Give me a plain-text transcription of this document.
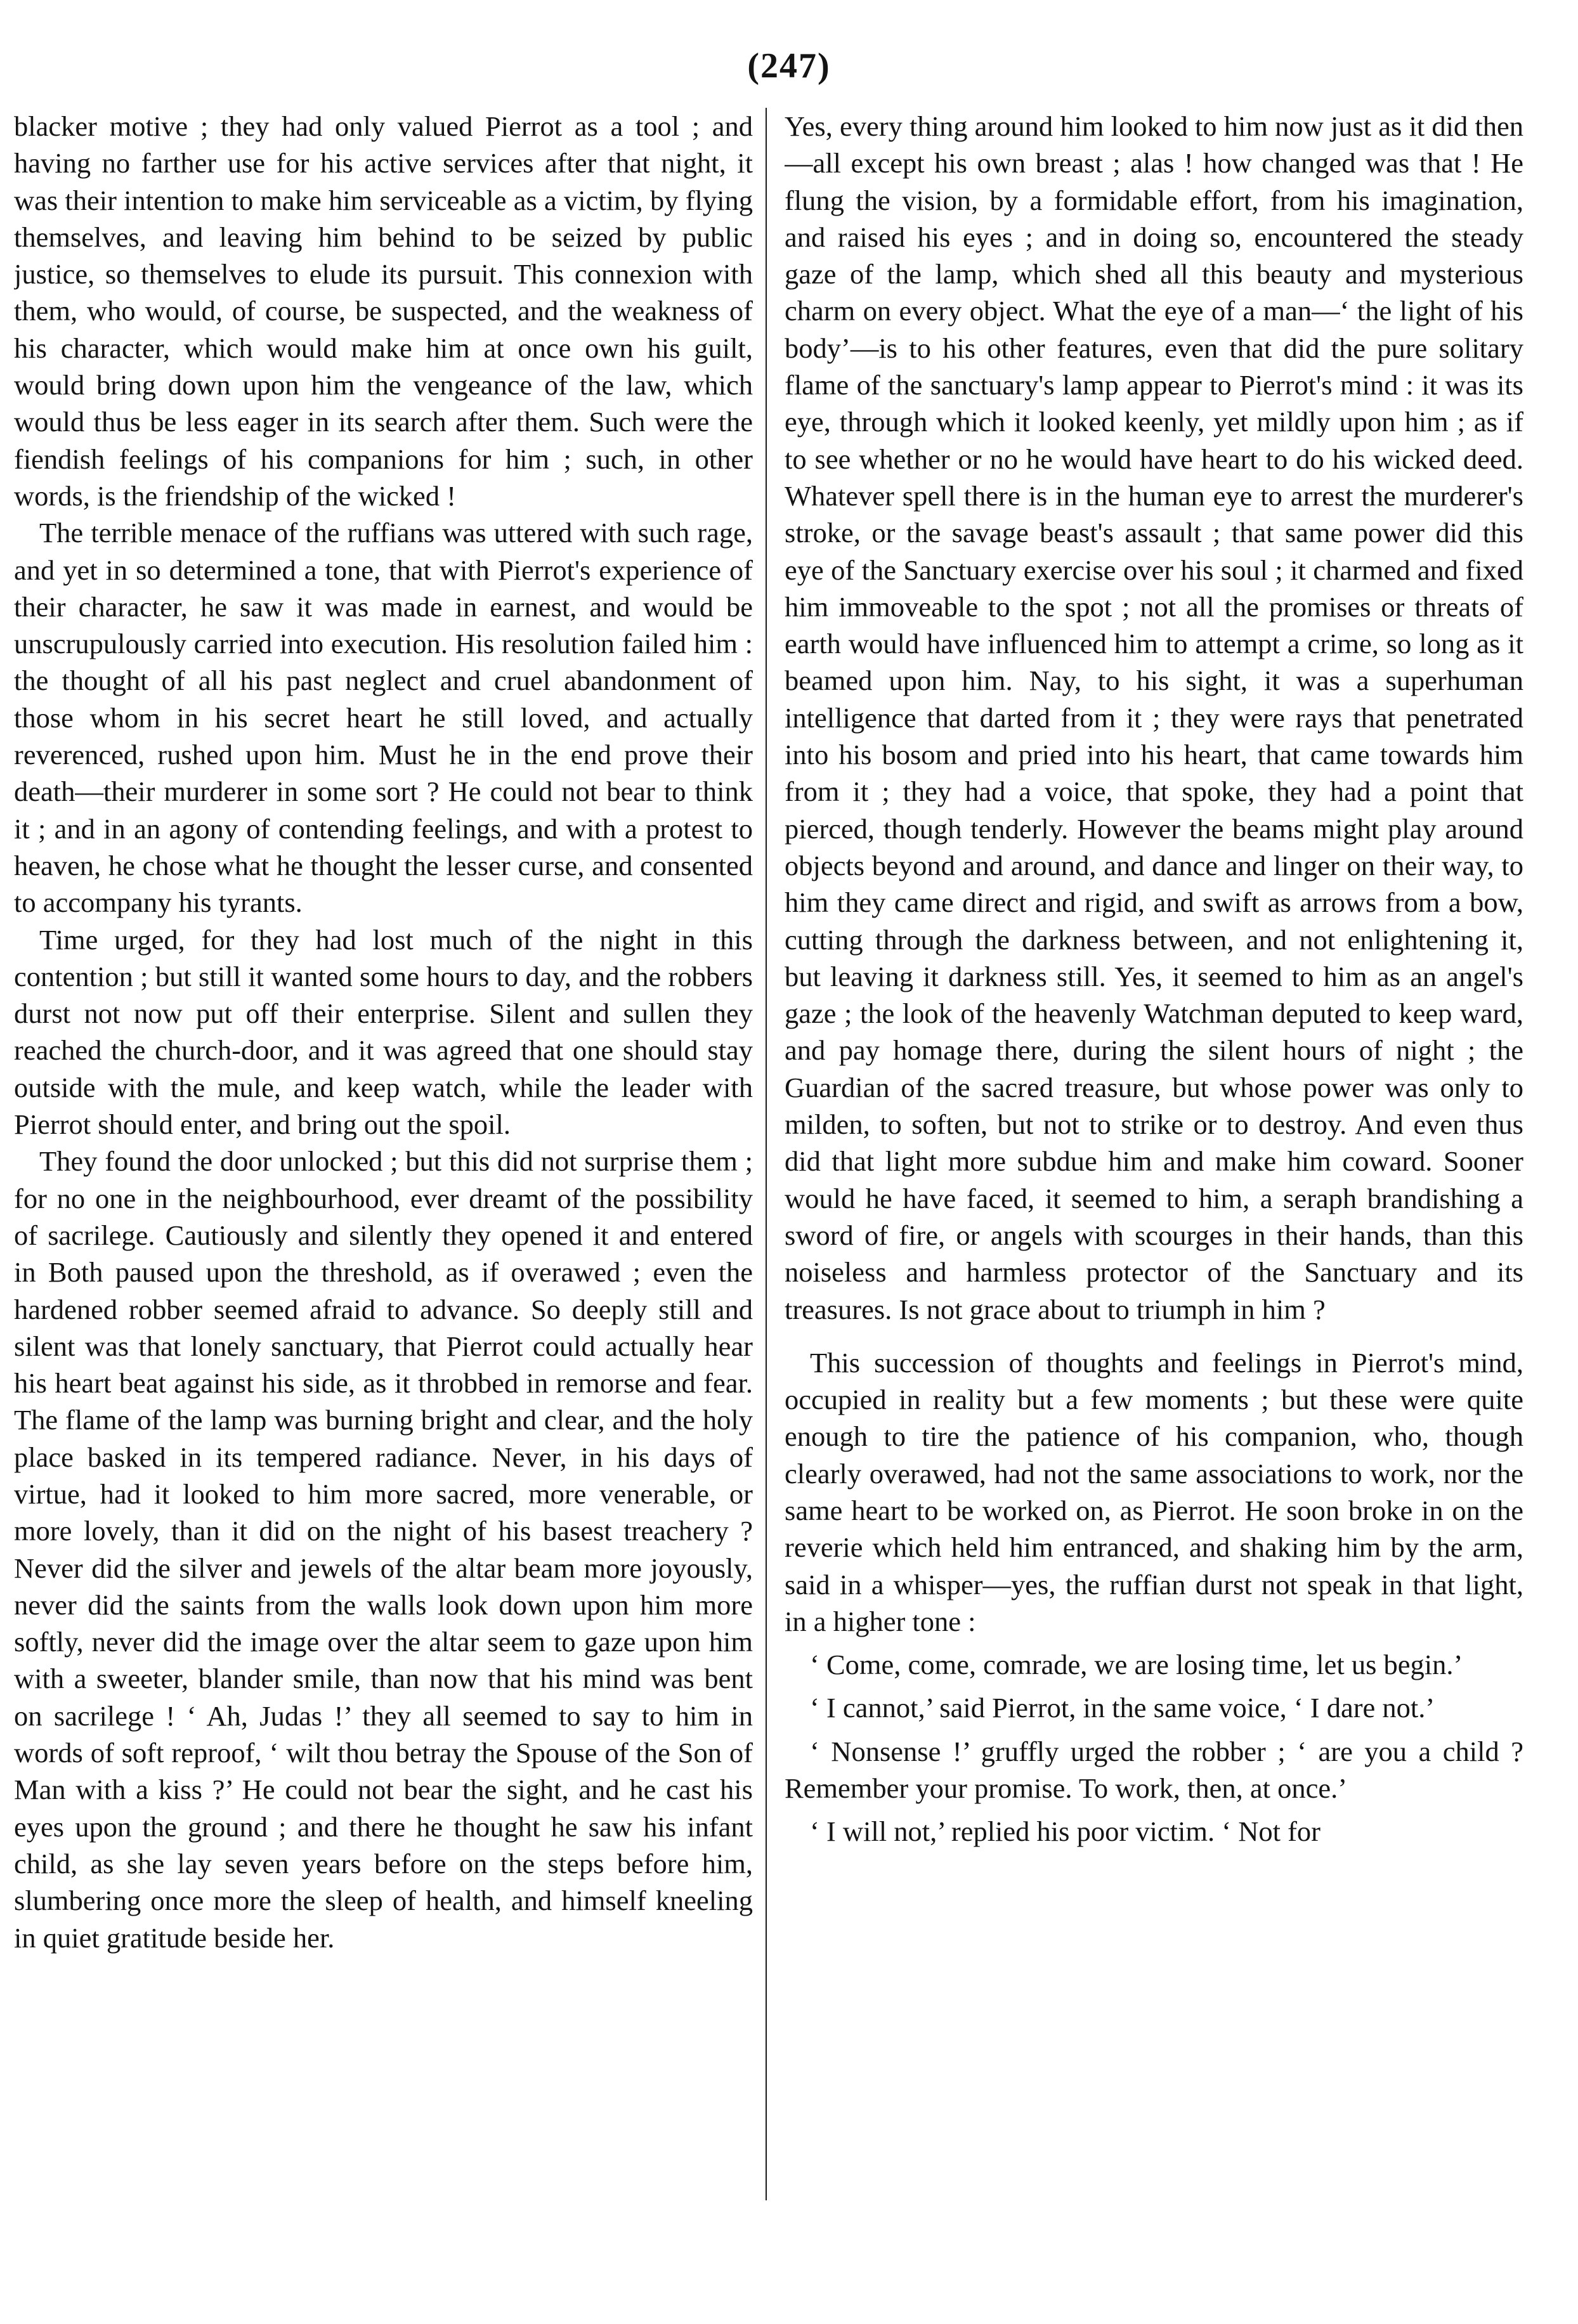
(247)

blacker motive ; they had only valued Pierrot as a tool ; and having no farther use for his active services after that night, it was their intention to make him serviceable as a victim, by flying themselves, and leaving him behind to be seized by public justice, so themselves to elude its pursuit. This connexion with them, who would, of course, be suspected, and the weakness of his character, which would make him at once own his guilt, would bring down upon him the vengeance of the law, which would thus be less eager in its search after them. Such were the fiendish feelings of his companions for him ; such, in other words, is the friendship of the wicked !

The terrible menace of the ruffians was uttered with such rage, and yet in so determined a tone, that with Pierrot's experience of their character, he saw it was made in earnest, and would be unscrupulously carried into execution. His resolution failed him : the thought of all his past neglect and cruel abandonment of those whom in his secret heart he still loved, and actually reverenced, rushed upon him. Must he in the end prove their death—their murderer in some sort ? He could not bear to think it ; and in an agony of contending feelings, and with a protest to heaven, he chose what he thought the lesser curse, and consented to accompany his tyrants.

Time urged, for they had lost much of the night in this contention ; but still it wanted some hours to day, and the robbers durst not now put off their enterprise. Silent and sullen they reached the church-door, and it was agreed that one should stay outside with the mule, and keep watch, while the leader with Pierrot should enter, and bring out the spoil.

They found the door unlocked ; but this did not surprise them ; for no one in the neighbourhood, ever dreamt of the possibility of sacrilege. Cautiously and silently they opened it and entered in Both paused upon the threshold, as if overawed ; even the hardened robber seemed afraid to advance. So deeply still and silent was that lonely sanctuary, that Pierrot could actually hear his heart beat against his side, as it throbbed in remorse and fear. The flame of the lamp was burning bright and clear, and the holy place basked in its tempered radiance. Never, in his days of virtue, had it looked to him more sacred, more venerable, or more lovely, than it did on the night of his basest treachery ? Never did the silver and jewels of the altar beam more joyously, never did the saints from the walls look down upon him more softly, never did the image over the altar seem to gaze upon him with a sweeter, blander smile, than now that his mind was bent on sacrilege ! ‘ Ah, Judas !’ they all seemed to say to him in words of soft reproof, ‘ wilt thou betray the Spouse of the Son of Man with a kiss ?’ He could not bear the sight, and he cast his eyes upon the ground ; and there he thought he saw his infant child, as she lay seven years before on the steps before him, slumbering once more the sleep of health, and himself kneeling in quiet gratitude beside her.

Yes, every thing around him looked to him now just as it did then—all except his own breast ; alas ! how changed was that ! He flung the vision, by a formidable effort, from his imagination, and raised his eyes ; and in doing so, encountered the steady gaze of the lamp, which shed all this beauty and mysterious charm on every object. What the eye of a man—‘ the light of his body’—is to his other features, even that did the pure solitary flame of the sanctuary's lamp appear to Pierrot's mind : it was its eye, through which it looked keenly, yet mildly upon him ; as if to see whether or no he would have heart to do his wicked deed. Whatever spell there is in the human eye to arrest the murderer's stroke, or the savage beast's assault ; that same power did this eye of the Sanctuary exercise over his soul ; it charmed and fixed him immoveable to the spot ; not all the promises or threats of earth would have influenced him to attempt a crime, so long as it beamed upon him. Nay, to his sight, it was a superhuman intelligence that darted from it ; they were rays that penetrated into his bosom and pried into his heart, that came towards him from it ; they had a voice, that spoke, they had a point that pierced, though tenderly. However the beams might play around objects beyond and around, and dance and linger on their way, to him they came direct and rigid, and swift as arrows from a bow, cutting through the darkness between, and not enlightening it, but leaving it darkness still. Yes, it seemed to him as an angel's gaze ; the look of the heavenly Watchman deputed to keep ward, and pay homage there, during the silent hours of night ; the Guardian of the sacred treasure, but whose power was only to milden, to soften, but not to strike or to destroy. And even thus did that light more subdue him and make him coward. Sooner would he have faced, it seemed to him, a seraph brandishing a sword of fire, or angels with scourges in their hands, than this noiseless and harmless protector of the Sanctuary and its treasures. Is not grace about to triumph in him ?

This succession of thoughts and feelings in Pierrot's mind, occupied in reality but a few moments ; but these were quite enough to tire the patience of his companion, who, though clearly overawed, had not the same associations to work, nor the same heart to be worked on, as Pierrot. He soon broke in on the reverie which held him entranced, and shaking him by the arm, said in a whisper—yes, the ruffian durst not speak in that light, in a higher tone :

‘ Come, come, comrade, we are losing time, let us begin.’

‘ I cannot,’ said Pierrot, in the same voice, ‘ I dare not.’

‘ Nonsense !’ gruffly urged the robber ; ‘ are you a child ? Remember your promise. To work, then, at once.’

‘ I will not,’ replied his poor victim. ‘ Not for
